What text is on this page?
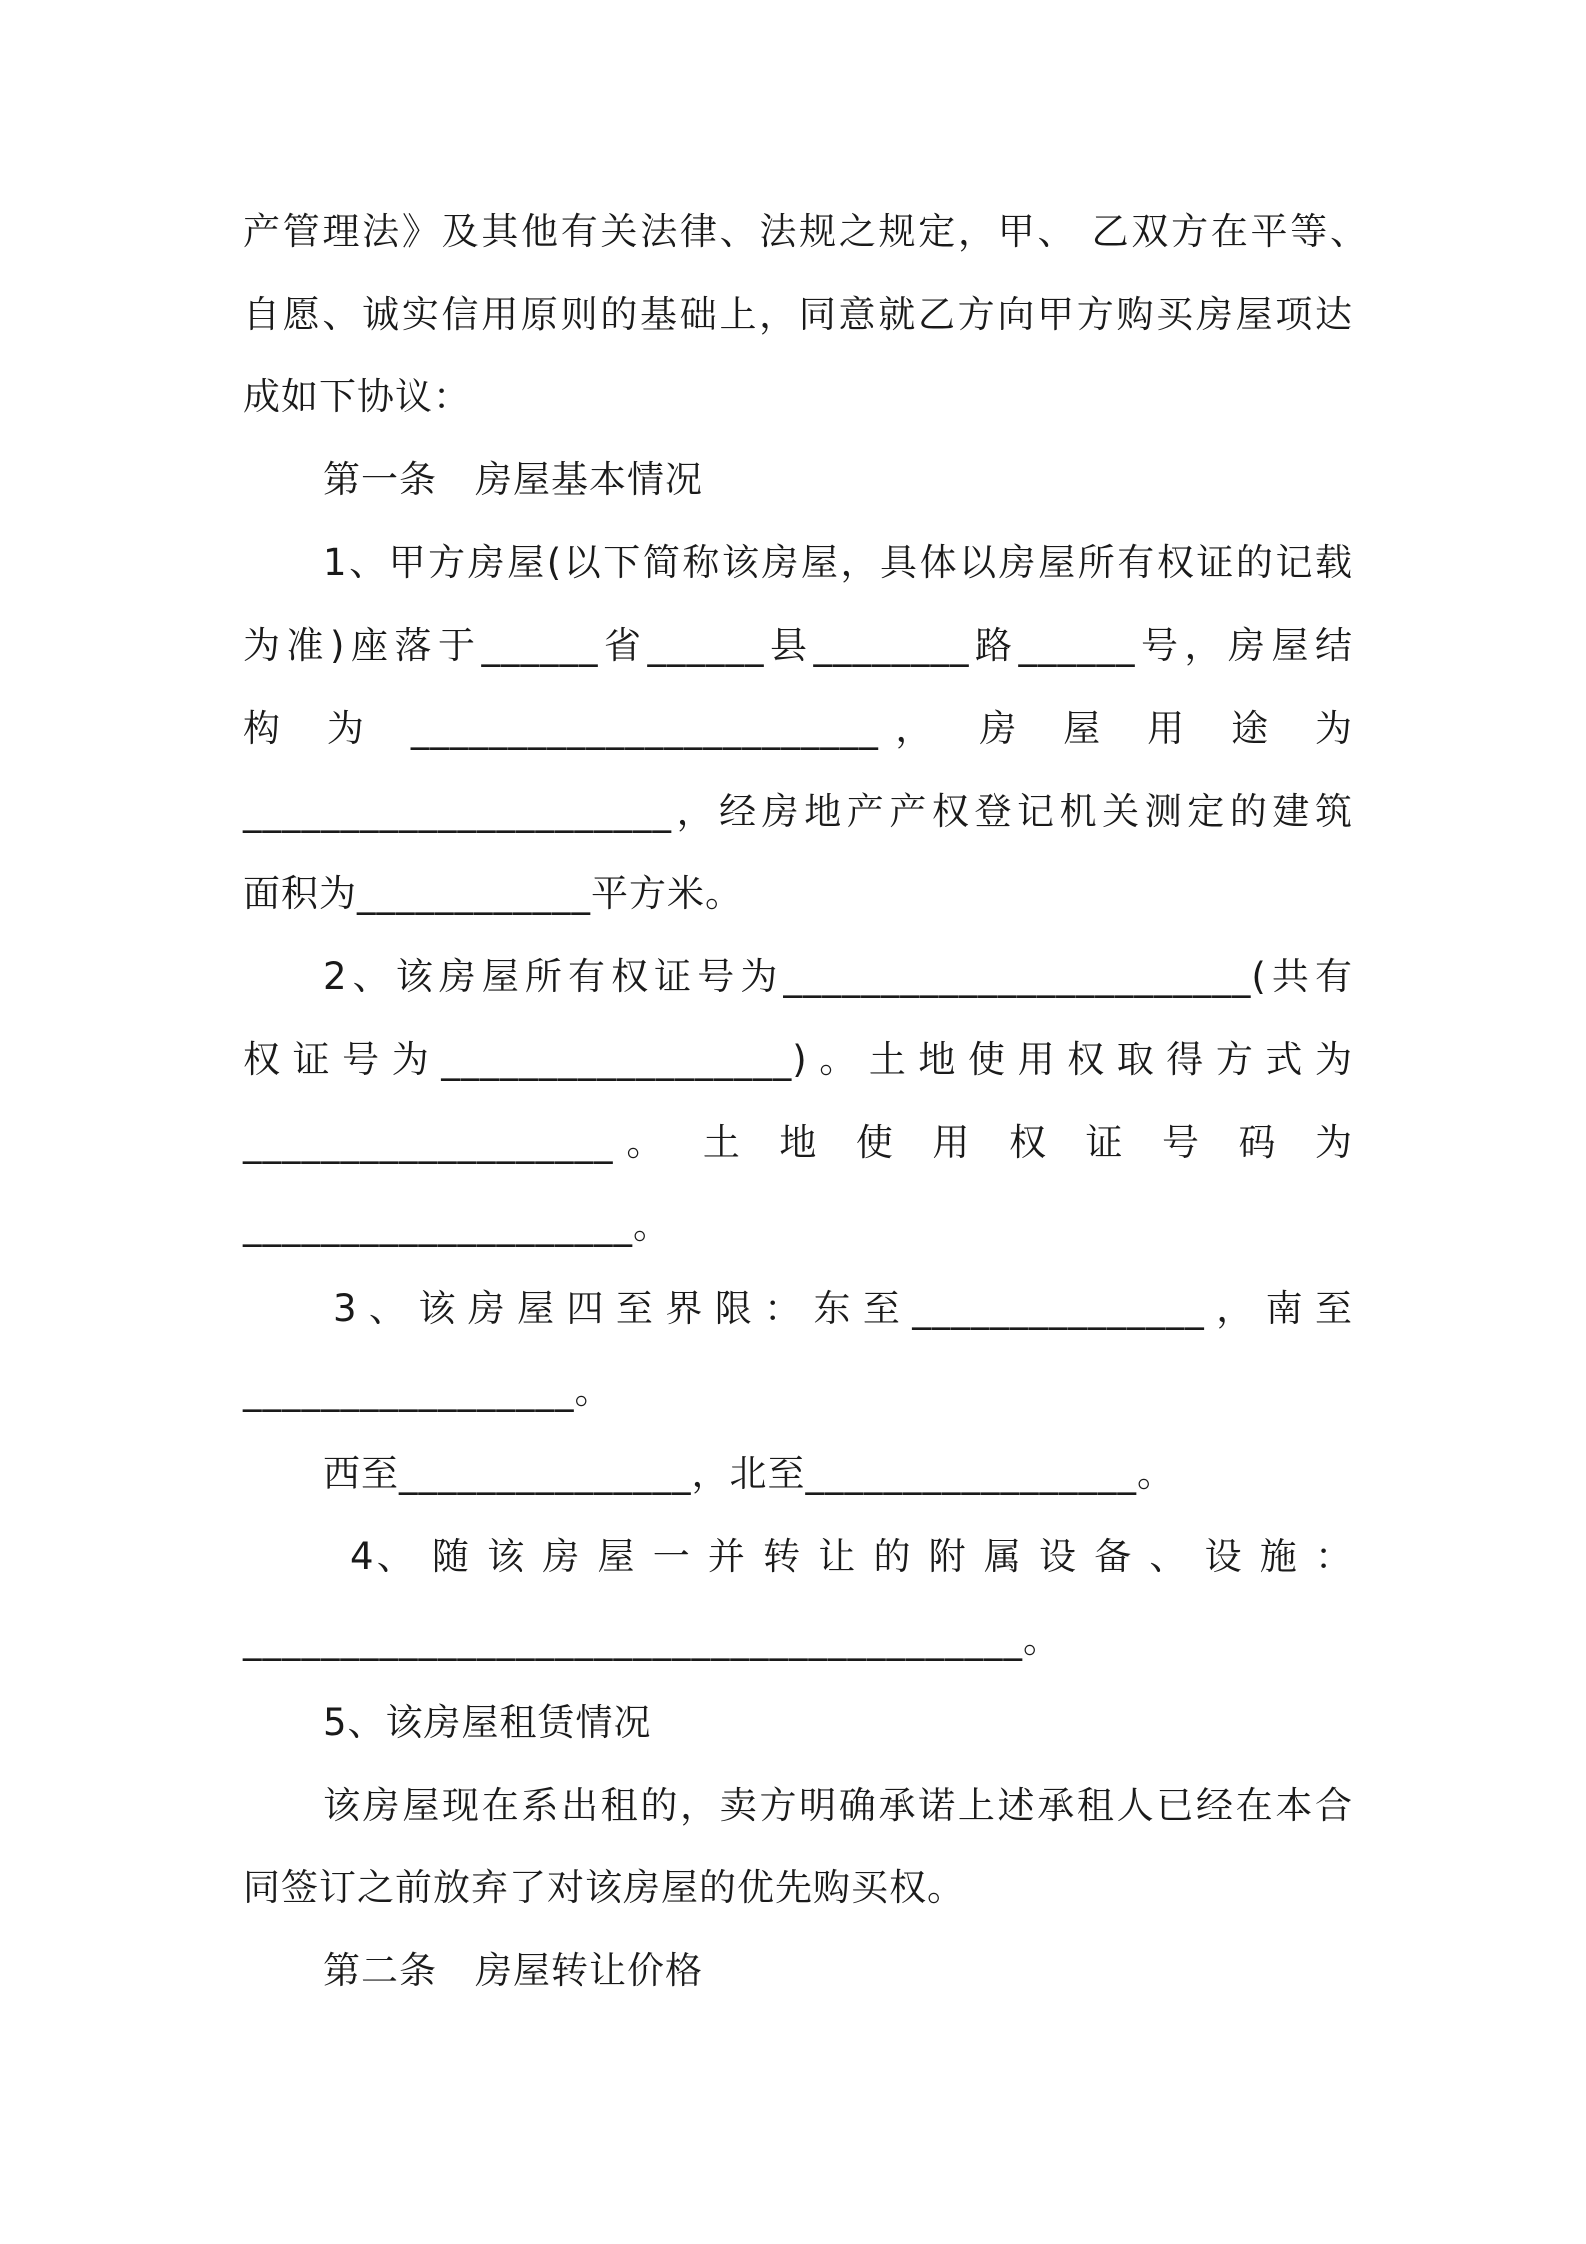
产管理法》及其他有关法律、法规之规定，甲、 乙双方在平等、

自愿、诚实信用原则的基础上，同意就乙方向甲方购买房屋项达

成如下协议：

第一条　房屋基本情况

1、甲方房屋(以下简称该房屋，具体以房屋所有权证的记载

为准)座落于______省______县________路______号，房屋结

构 为 ________________________， 房 屋 用 途 为

______________________，经房地产产权登记机关测定的建筑

面积为____________平方米。

2、该房屋所有权证号为________________________(共有

权证号为__________________)。土地使用权取得方式为

___________________。 土 地 使 用 权 证 号 码 为

____________________。

3、该房屋四至界限：东至_______________，南至

_________________。

西至_______________，北至_________________。

4、 随 该 房 屋 一 并 转 让 的 附 属 设 备 、 设 施 ：

________________________________________。

5、该房屋租赁情况

该房屋现在系出租的，卖方明确承诺上述承租人已经在本合

同签订之前放弃了对该房屋的优先购买权。

第二条　房屋转让价格
